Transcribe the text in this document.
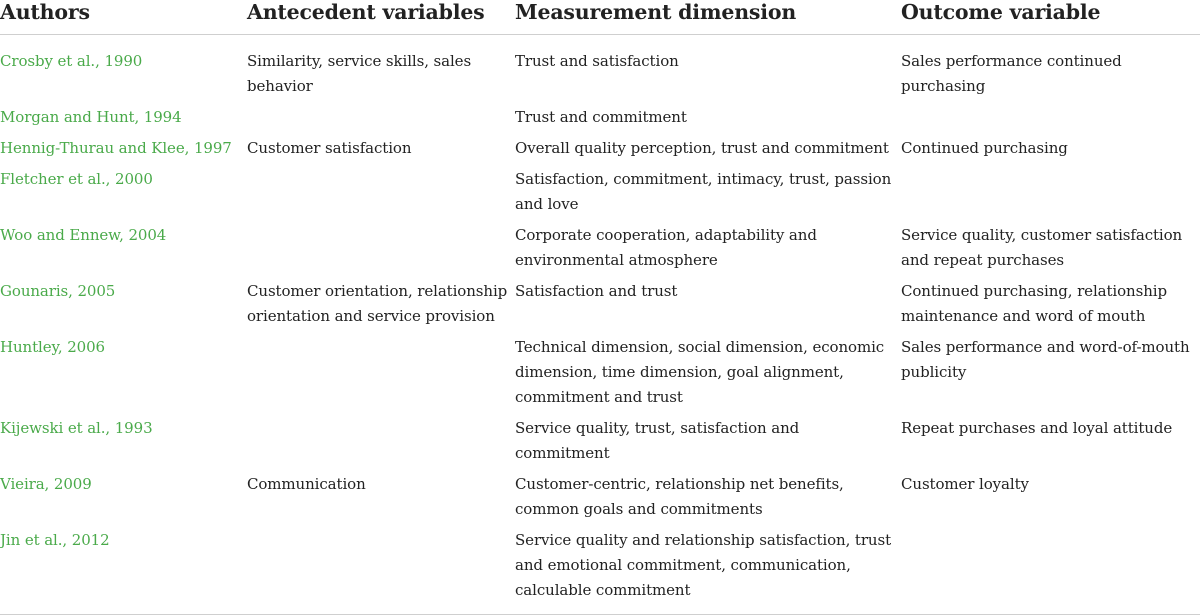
Authors	Antecedent variables	Measurement dimension	Outcome variable
Crosby et al., 1990	Similarity, service skills, sales behavior	Trust and satisfaction	Sales performance continued purchasing
Morgan and Hunt, 1994		Trust and commitment	
Hennig-Thurau and Klee, 1997	Customer satisfaction	Overall quality perception, trust and commitment	Continued purchasing
Fletcher et al., 2000		Satisfaction, commitment, intimacy, trust, passion and love	
Woo and Ennew, 2004		Corporate cooperation, adaptability and environmental atmosphere	Service quality, customer satisfaction and repeat purchases
Gounaris, 2005	Customer orientation, relationship orientation and service provision	Satisfaction and trust	Continued purchasing, relationship maintenance and word of mouth
Huntley, 2006		Technical dimension, social dimension, economic dimension, time dimension, goal alignment, commitment and trust	Sales performance and word-of-mouth publicity
Kijewski et al., 1993		Service quality, trust, satisfaction and commitment	Repeat purchases and loyal attitude
Vieira, 2009	Communication	Customer-centric, relationship net benefits, common goals and commitments	Customer loyalty
Jin et al., 2012		Service quality and relationship satisfaction, trust and emotional commitment, communication, calculable commitment	
